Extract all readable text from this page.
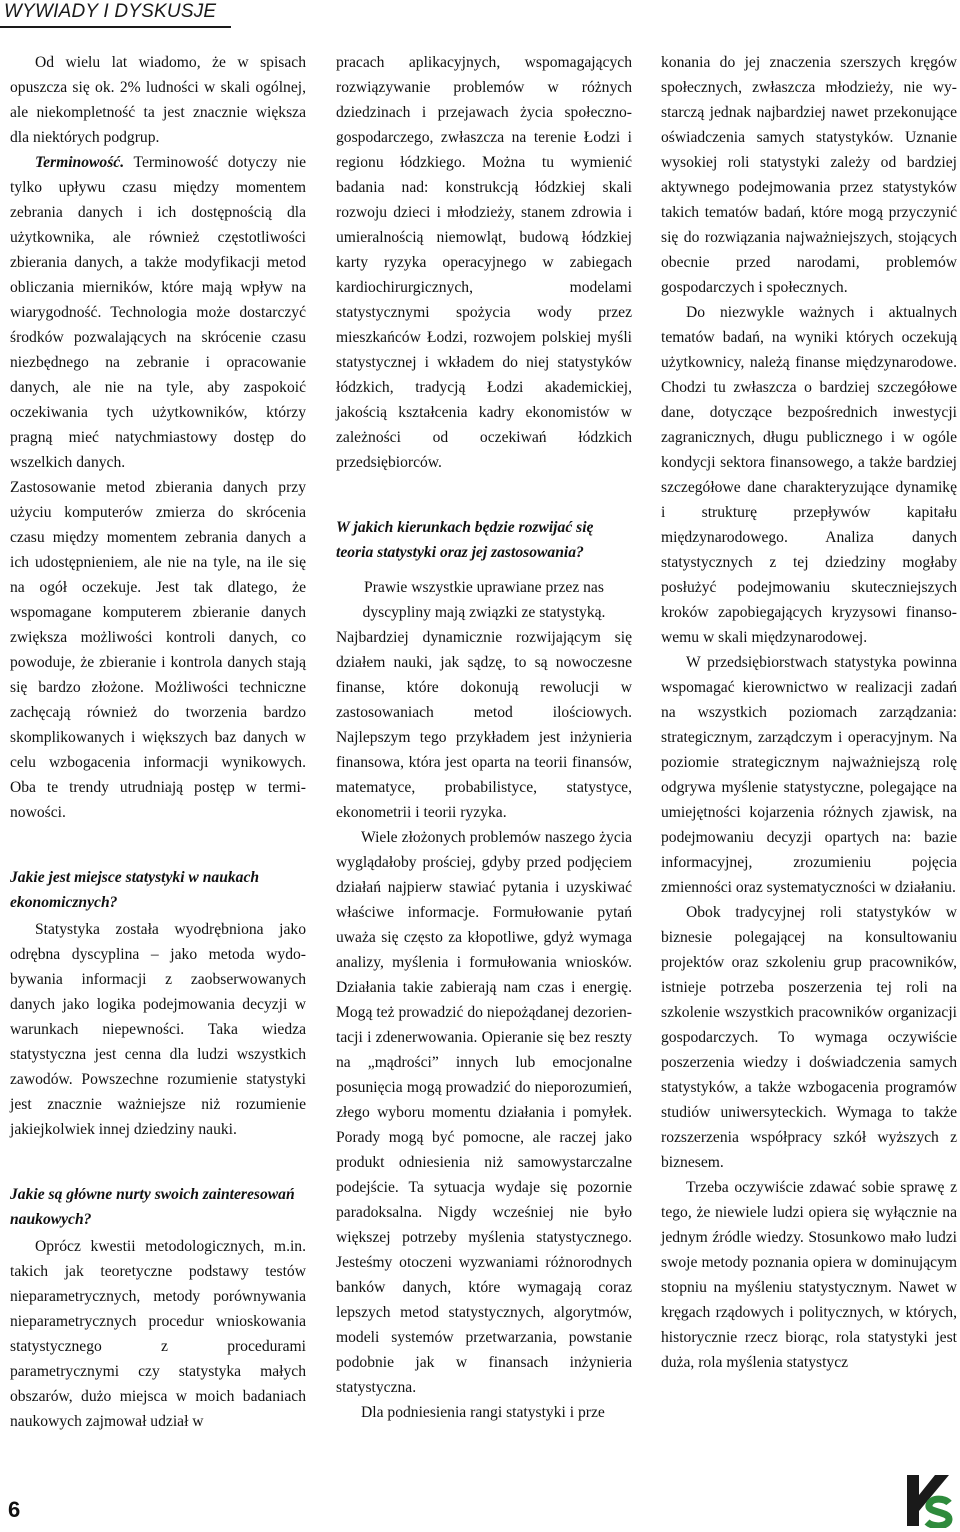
WYWIADY I DYSKUSJE

Od wielu lat wiadomo, że w spisach opuszcza się ok. 2% ludności w skali ogólnej, ale niekompletność ta jest znacznie większa dla niektórych podgrup.

Terminowość. Terminowość dotyczy nie tylko upływu czasu między momentem zebrania danych i ich dostępnością dla użytkownika, ale również częstotliwości zbierania danych, a także modyfikacji metod obliczania mierników, które mają wpływ na wiarygodność. Technologia może dostarczyć środków pozwalających na skrócenie czasu niezbędnego na zebranie i opracowanie danych, ale nie na tyle, aby zaspokoić oczekiwania tych użytkowników, którzy pragną mieć natychmiastowy dostęp do wszelkich danych.

Zastosowanie metod zbierania danych przy użyciu komputerów zmierza do skrócenia czasu między momentem zebrania danych a ich udostępnieniem, ale nie na tyle, na ile się na ogół oczekuje. Jest tak dlatego, że wspomagane komputerem zbieranie danych zwiększa możliwości kontroli danych, co powoduje, że zbieranie i kontrola danych stają się bardzo złożone. Możliwości techniczne zachęcają również do tworzenia bardzo skomplikowanych i większych baz danych w celu wzbogacenia informacji wynikowych. Oba te trendy utrudniają postęp w terminowości.

Jakie jest miejsce statystyki w naukach ekonomicznych?

Statystyka została wyodrębniona jako odrębna dyscyplina – jako metoda wydobywania informacji z zaobserwowanych danych jako logika podejmowania decyzji w warunkach niepewności. Taka wiedza statystyczna jest cenna dla ludzi wszystkich zawodów. Powszechne rozumienie statystyki jest znacznie ważniejsze niż rozumienie jakiejkolwiek innej dziedziny nauki.

Jakie są główne nurty swoich zainteresowań naukowych?

Oprócz kwestii metodologicznych, m.in. takich jak teoretyczne podstawy testów nieparametrycznych, metody porównywania nieparametrycznych procedur wnioskowania statystycznego z procedurami parametrycznymi czy statystyka małych obszarów, dużo miejsca w moich badaniach naukowych zajmował udział w

pracach aplikacyjnych, wspomagających rozwiązywanie problemów w różnych dziedzinach i przejawach życia społeczno-gospodarczego, zwłaszcza na terenie Łodzi i regionu łódzkiego. Można tu wymienić badania nad: konstrukcją łódzkiej skali rozwoju dzieci i młodzieży, stanem zdrowia i umieralnością niemowląt, budową łódzkiej karty ryzyka operacyjnego w zabiegach kardiochirurgicznych, modelami statystycznymi spożycia wody przez mieszkańców Łodzi, rozwojem polskiej myśli statystycznej i wkładem do niej statystyków łódzkich, tradycją Łodzi akademickiej, jakością kształcenia kadry ekonomistów w zależności od oczekiwań łódzkich przedsiębiorców.

W jakich kierunkach będzie rozwijać się teoria statystyki oraz jej zastosowania?

Prawie wszystkie uprawiane przez nas dyscypliny mają związki ze statystyką.

Najbardziej dynamicznie rozwijającym się działem nauki, jak sądzę, to są nowoczesne finanse, które dokonują rewolucji w zastosowaniach metod ilościowych. Najlepszym tego przykładem jest inżynieria finansowa, która jest oparta na teorii finansów, matematyce, probabilistyce, statystyce, ekonometrii i teorii ryzyka.

Wiele złożonych problemów naszego życia wyglądałoby prościej, gdyby przed podjęciem działań najpierw stawiać pytania i uzyskiwać właściwe informacje. Formułowanie pytań uważa się często za kłopotliwe, gdyż wymaga analizy, myślenia i formułowania wniosków. Działania takie zabierają nam czas i energię. Mogą też prowadzić do niepożądanej dezorientacji i zdenerwowania. Opieranie się bez reszty na „mądrości” innych lub emocjonalne posunięcia mogą prowadzić do nieporozumień, złego wyboru momentu działania i pomyłek. Porady mogą być pomocne, ale raczej jako produkt odniesienia niż samowystarczalne podejście. Ta sytuacja wydaje się pozornie paradoksalna. Nigdy wcześniej nie było większej potrzeby myślenia statystycznego. Jesteśmy otoczeni wyzwaniami różnorodnych banków danych, które wymagają coraz lepszych metod statystycznych, algorytmów, modeli systemów przetwarzania, powstanie podobnie jak w finansach inżynieria statystyczna.

Dla podniesienia rangi statystyki i prze

konania do jej znaczenia szerszych kręgów społecznych, zwłaszcza młodzieży, nie wystarczą jednak najbardziej nawet przekonujące oświadczenia samych statystyków. Uznanie wysokiej roli statystyki zależy od bardziej aktywnego podejmowania przez statystyków takich tematów badań, które mogą przyczynić się do rozwiązania najważniejszych, stojących obecnie przed narodami, problemów gospodarczych i społecznych.

Do niezwykle ważnych i aktualnych tematów badań, na wyniki których oczekują użytkownicy, należą finanse międzynarodowe. Chodzi tu zwłaszcza o bardziej szczegółowe dane, dotyczące bezpośrednich inwestycji zagranicznych, długu publicznego i w ogóle kondycji sektora finansowego, a także bardziej szczegółowe dane charakteryzujące dynamikę i strukturę przepływów kapitału międzynarodowego. Analiza danych statystycznych z tej dziedziny mogłaby posłużyć podejmowaniu skuteczniejszych kroków zapobiegających kryzysowi finansowemu w skali międzynarodowej.

W przedsiębiorstwach statystyka powinna wspomagać kierownictwo w realizacji zadań na wszystkich poziomach zarządzania: strategicznym, zarządczym i operacyjnym. Na poziomie strategicznym najważniejszą rolę odgrywa myślenie statystyczne, polegające na umiejętności kojarzenia różnych zjawisk, na podejmowaniu decyzji opartych na: bazie informacyjnej, zrozumieniu pojęcia zmienności oraz systematyczności w działaniu.

Obok tradycyjnej roli statystyków w biznesie polegającej na konsultowaniu projektów oraz szkoleniu grup pracowników, istnieje potrzeba poszerzenia tej roli na szkolenie wszystkich pracowników organizacji gospodarczych. To wymaga oczywiście poszerzenia wiedzy i doświadczenia samych statystyków, a także wzbogacenia programów studiów uniwersyteckich. Wymaga to także rozszerzenia współpracy szkół wyższych z biznesem.

Trzeba oczywiście zdawać sobie sprawę z tego, że niewiele ludzi opiera się wyłącznie na jednym źródle wiedzy. Stosunkowo mało ludzi swoje metody poznania opiera w dominującym stopniu na myśleniu statystycznym. Nawet w kręgach rządowych i politycznych, w których, historycznie rzecz biorąc, rola statystyki jest duża, rola myślenia statystycz

6
